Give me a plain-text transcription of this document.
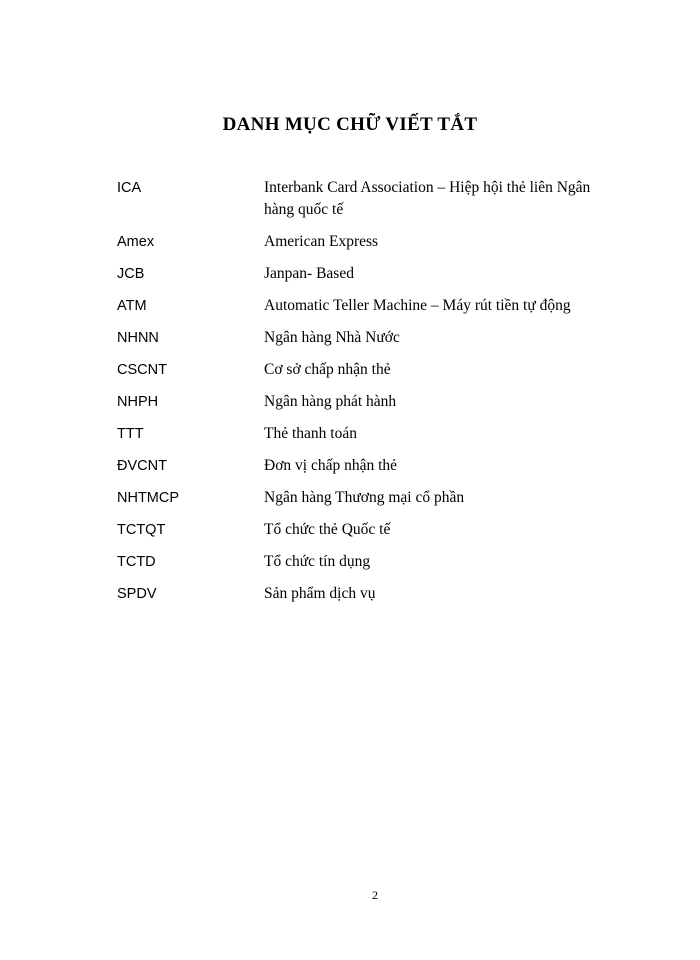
DANH MỤC CHỮ VIẾT TẮT
ICA	Interbank Card Association – Hiệp hội thẻ liên Ngân hàng quốc tế
Amex	American Express
JCB	Janpan- Based
ATM	Automatic Teller Machine – Máy rút tiền tự động
NHNN	Ngân hàng Nhà Nước
CSCNT	Cơ sở chấp nhận thẻ
NHPH	Ngân hàng phát hành
TTT	Thẻ thanh toán
ĐVCNT	Đơn vị chấp nhận thẻ
NHTMCP	Ngân hàng Thương mại cổ phần
TCTQT	Tổ chức thẻ Quốc tế
TCTD	Tổ chức tín dụng
SPDV	Sản phẩm dịch vụ
2
